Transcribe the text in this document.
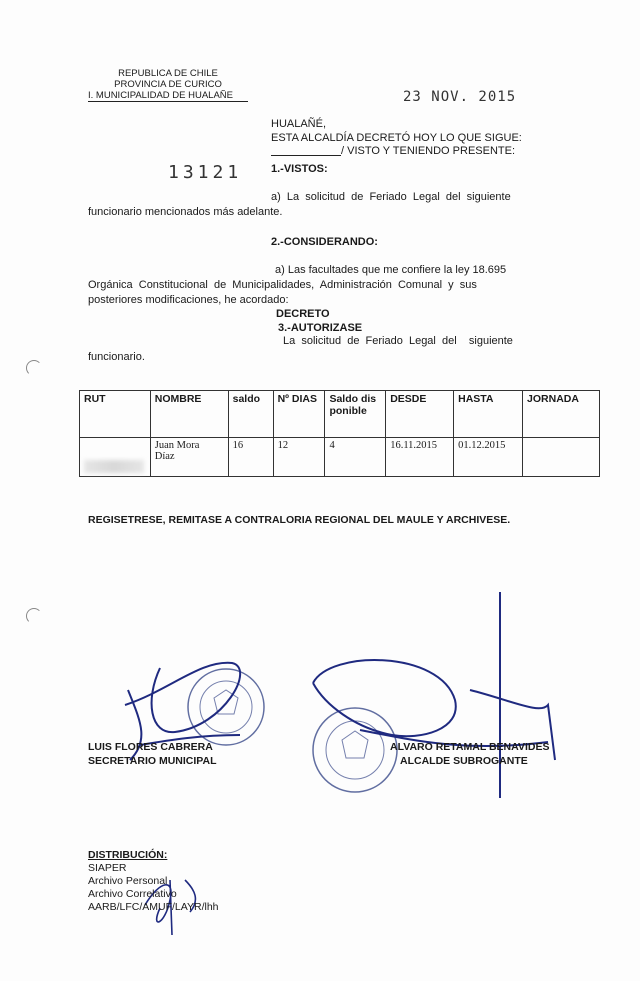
REPUBLICA DE CHILE
PROVINCIA DE CURICO
I. MUNICIPALIDAD DE HUALAÑE	23 NOV. 2015
HUALAÑÉ,
ESTA ALCALDÍA DECRETÓ HOY LO QUE SIGUE:
/ VISTO Y TENIENDO PRESENTE:
13121	1.-VISTOS:
a)  La  solicitud  de  Feriado  Legal  del  siguiente
funcionario mencionados más adelante.
2.-CONSIDERANDO:
a) Las facultades que me confiere la ley 18.695
Orgánica  Constitucional  de  Municipalidades,  Administración  Comunal  y  sus
posteriores modificaciones, he acordado:
DECRETO
3.-AUTORIZASE
La  solicitud  de  Feriado  Legal  del    siguiente
funcionario.
RUT	NOMBRE	saldo	Nº DIAS	Saldo disponible	DESDE	HASTA	JORNADA

	Juan Mora
Díaz	16	12	4	16.11.2015	01.12.2015	
REGISETRESE, REMITASE A CONTRALORIA REGIONAL DEL MAULE Y ARCHIVESE.
LUIS FLORES CABRERA
SECRETARIO MUNICIPAL
ALVARO RETAMAL BENAVIDES
ALCALDE SUBROGANTE
DISTRIBUCIÓN:
SIAPER
Archivo Personal
Archivo Correlativo
AARB/LFC/AMUF/LAYR/lhh
